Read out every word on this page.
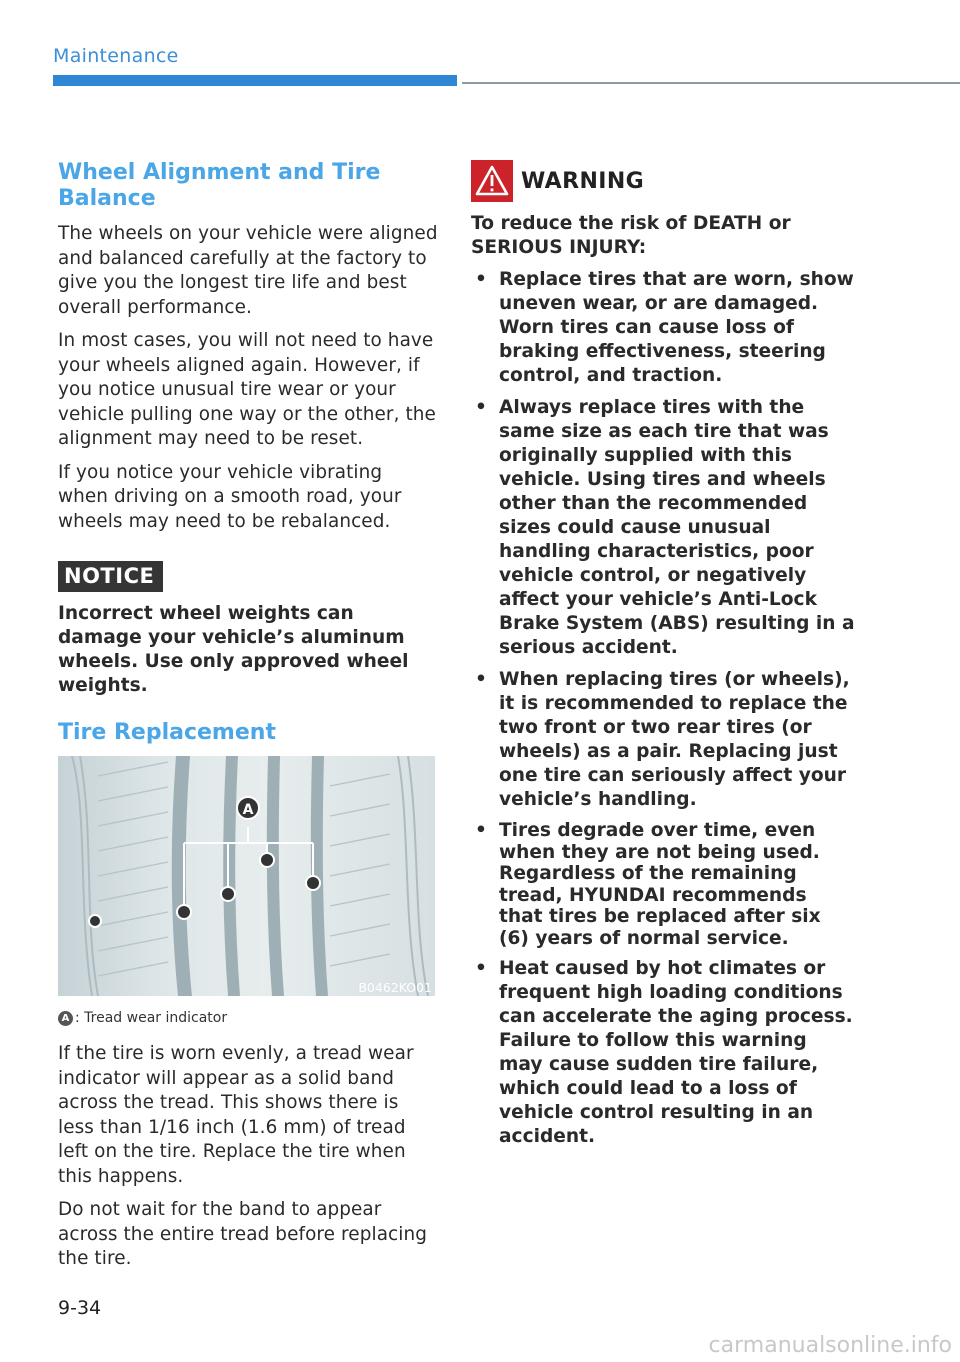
Maintenance
Wheel Alignment and Tire Balance

The wheels on your vehicle were aligned and balanced carefully at the factory to give you the longest tire life and best overall performance.

In most cases, you will not need to have your wheels aligned again. However, if you notice unusual tire wear or your vehicle pulling one way or the other, the alignment may need to be reset.

If you notice your vehicle vibrating when driving on a smooth road, your wheels may need to be rebalanced.

NOTICE

Incorrect wheel weights can damage your vehicle’s aluminum wheels. Use only approved wheel weights.

Tire Replacement
A
B0462KO01
A : Tread wear indicator

If the tire is worn evenly, a tread wear indicator will appear as a solid band across the tread. This shows there is less than 1/16 inch (1.6 mm) of tread left on the tire. Replace the tire when this happens.

Do not wait for the band to appear across the entire tread before replacing the tire.

WARNING

To reduce the risk of DEATH or SERIOUS INJURY:

• Replace tires that are worn, show uneven wear, or are damaged. Worn tires can cause loss of braking effectiveness, steering control, and traction.
• Always replace tires with the same size as each tire that was originally supplied with this vehicle. Using tires and wheels other than the recommended sizes could cause unusual handling characteristics, poor vehicle control, or negatively affect your vehicle’s Anti-Lock Brake System (ABS) resulting in a serious accident.
• When replacing tires (or wheels), it is recommended to replace the two front or two rear tires (or wheels) as a pair. Replacing just one tire can seriously affect your vehicle’s handling.
• Tires degrade over time, even when they are not being used. Regardless of the remaining tread, HYUNDAI recommends that tires be replaced after six (6) years of normal service.
• Heat caused by hot climates or frequent high loading conditions can accelerate the aging process. Failure to follow this warning may cause sudden tire failure, which could lead to a loss of vehicle control resulting in an accident.
9-34
carmanualsonline.info
